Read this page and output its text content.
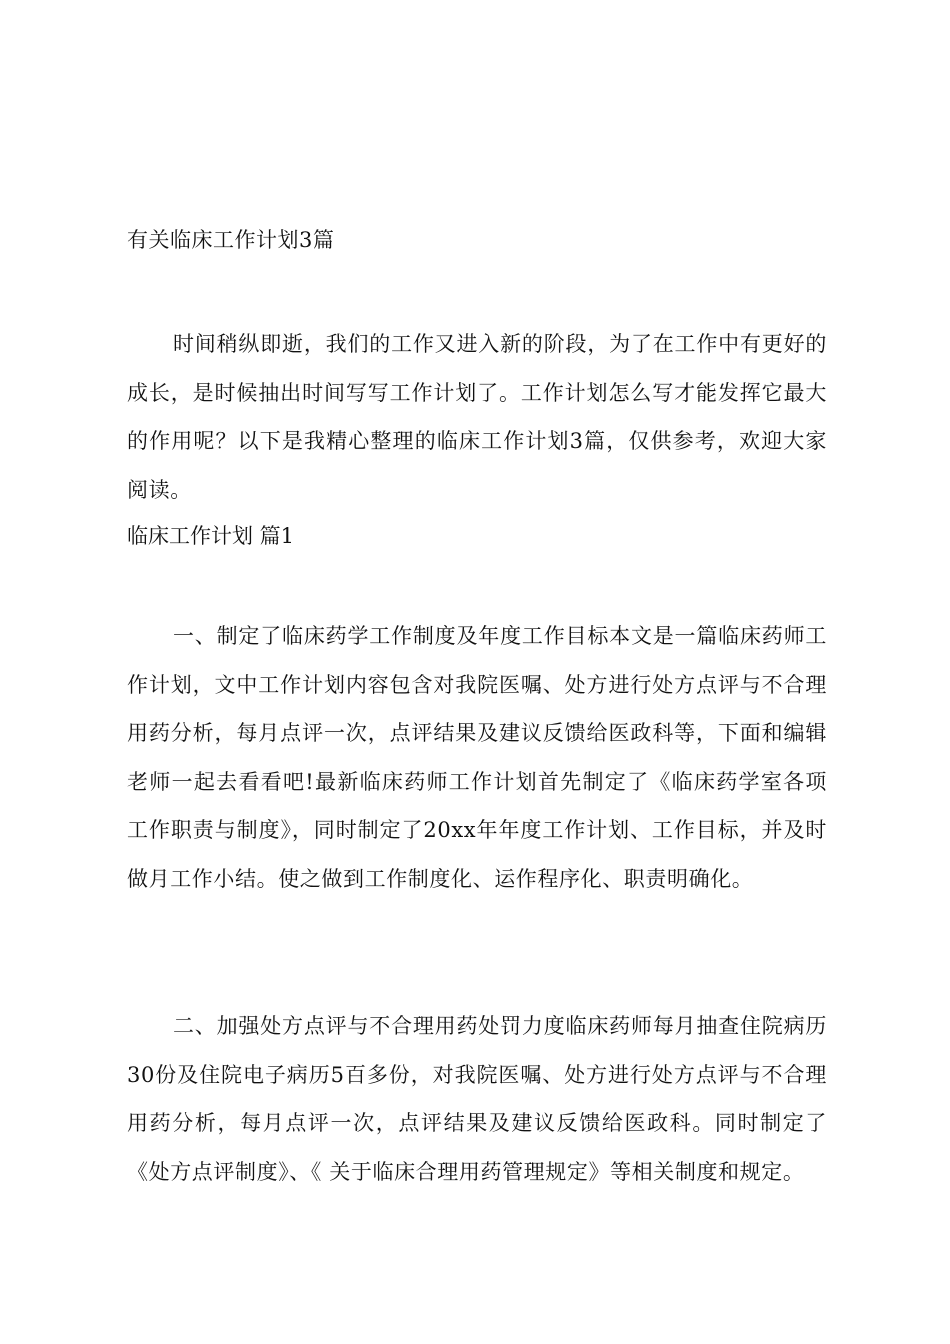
有关临床工作计划3篇

时间稍纵即逝，我们的工作又进入新的阶段，为了在工作中有更好的成长，是时候抽出时间写写工作计划了。工作计划怎么写才能发挥它最大的作用呢？以下是我精心整理的临床工作计划3篇，仅供参考，欢迎大家阅读。

临床工作计划 篇1

一、制定了临床药学工作制度及年度工作目标本文是一篇临床药师工作计划，文中工作计划内容包含对我院医嘱、处方进行处方点评与不合理用药分析，每月点评一次，点评结果及建议反馈给医政科等，下面和编辑老师一起去看看吧!最新临床药师工作计划首先制定了《临床药学室各项工作职责与制度》，同时制定了20xx年年度工作计划、工作目标，并及时做月工作小结。使之做到工作制度化、运作程序化、职责明确化。

二、加强处方点评与不合理用药处罚力度临床药师每月抽查住院病历30份及住院电子病历5百多份，对我院医嘱、处方进行处方点评与不合理用药分析，每月点评一次，点评结果及建议反馈给医政科。同时制定了《处方点评制度》、《 关于临床合理用药管理规定》等相关制度和规定。
